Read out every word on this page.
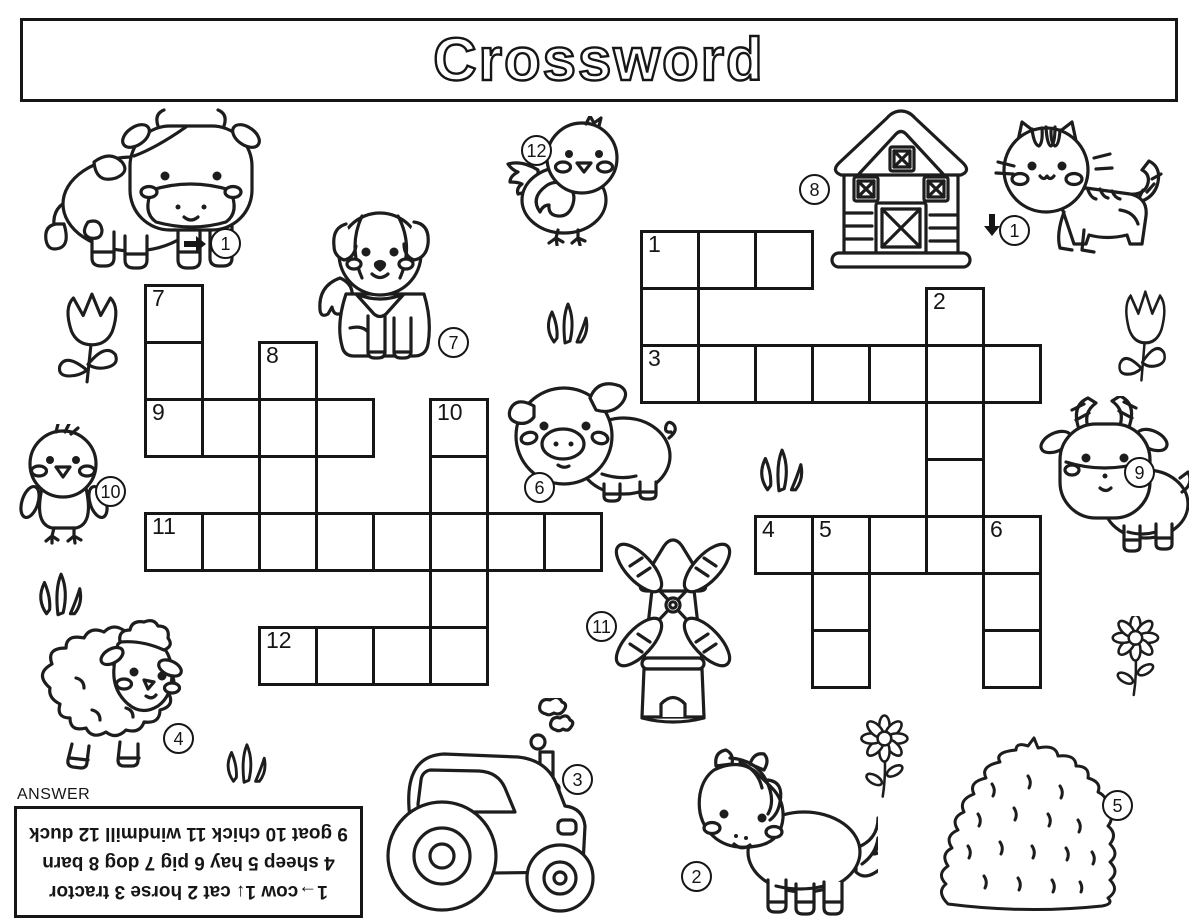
Crossword
7
8
9	10
11
12
1
2
3
4	5	6
1
1
2
3
4
5
6
7
8
9
10
11
12
ANSWER
1→cow 1↓ cat 2 horse 3 tractor
4 sheep 5 hay 6 pig 7 dog 8 barn
9 goat 10 chick 11 windmill 12 duck
